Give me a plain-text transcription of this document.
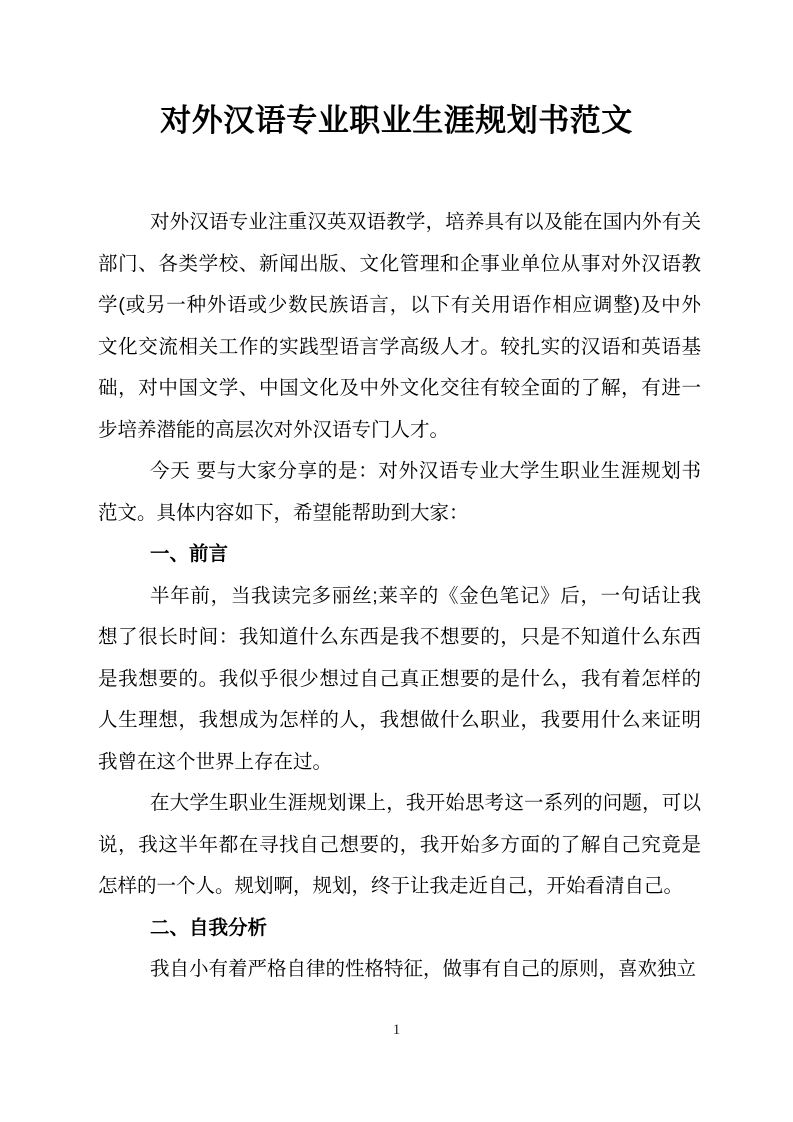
对外汉语专业职业生涯规划书范文
对外汉语专业注重汉英双语教学，培养具有以及能在国内外有关
部门、各类学校、新闻出版、文化管理和企事业单位从事对外汉语教
学(或另一种外语或少数民族语言，以下有关用语作相应调整)及中外
文化交流相关工作的实践型语言学高级人才。较扎实的汉语和英语基
础，对中国文学、中国文化及中外文化交往有较全面的了解，有进一
步培养潜能的高层次对外汉语专门人才。
今天 要与大家分享的是：对外汉语专业大学生职业生涯规划书
范文。具体内容如下，希望能帮助到大家：
一、前言
半年前，当我读完多丽丝;莱辛的《金色笔记》后，一句话让我
想了很长时间：我知道什么东西是我不想要的，只是不知道什么东西
是我想要的。我似乎很少想过自己真正想要的是什么，我有着怎样的
人生理想，我想成为怎样的人，我想做什么职业，我要用什么来证明
我曾在这个世界上存在过。
在大学生职业生涯规划课上，我开始思考这一系列的问题，可以
说，我这半年都在寻找自己想要的，我开始多方面的了解自己究竟是
怎样的一个人。规划啊，规划，终于让我走近自己，开始看清自己。
二、自我分析
我自小有着严格自律的性格特征，做事有自己的原则，喜欢独立
1
